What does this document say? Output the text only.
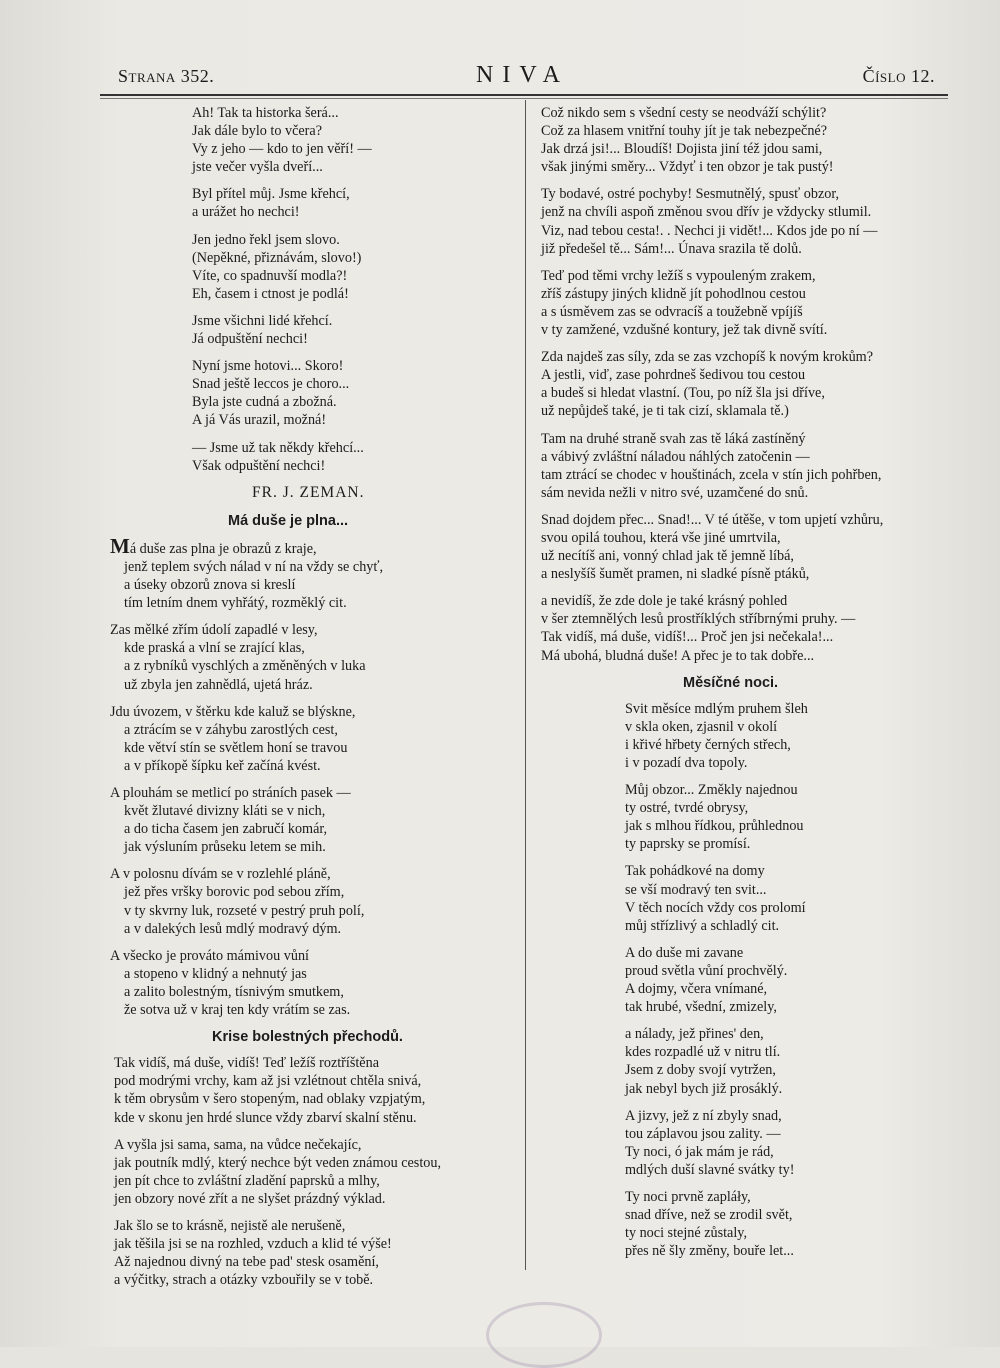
Strana 352.	NIVA	Číslo 12.
Ah! Tak ta historka šerá...
Jak dále bylo to včera?
Vy z jeho — kdo to jen věří! —
jste večer vyšla dveří...
Byl přítel můj. Jsme křehcí,
a urážet ho nechci!
Jen jedno řekl jsem slovo.
(Nepěkné, přiznávám, slovo!)
Víte, co spadnuvší modla?!
Eh, časem i ctnost je podlá!
Jsme všichni lidé křehcí.
Já odpuštění nechci!
Nyní jsme hotovi... Skoro!
Snad ještě leccos je choro...
Byla jste cudná a zbožná.
A já Vás urazil, možná!
— Jsme už tak někdy křehcí...
Však odpuštění nechci!
FR. J. ZEMAN.
Má duše je plna...
Má duše zas plna je obrazů z kraje,
jenž teplem svých nálad v ní na vždy se chyť,
a úseky obzorů znova si kreslí
tím letním dnem vyhřátý, rozměklý cit.
Zas mělké zřím údolí zapadlé v lesy,
kde praská a vlní se zrající klas,
a z rybníků vyschlých a změněných v luka
už zbyla jen zahnědlá, ujetá hráz.
Jdu úvozem, v štěrku kde kaluž se blýskne,
a ztrácím se v záhybu zarostlých cest,
kde větví stín se světlem honí se travou
a v příkopě šípku keř začíná kvést.
A plouhám se metlicí po stráních pasek —
květ žlutavé divizny kláti se v nich,
a do ticha časem jen zabručí komár,
jak výsluním průseku letem se mih.
A v polosnu dívám se v rozlehlé pláně,
jež přes vršky borovic pod sebou zřím,
v ty skvrny luk, rozseté v pestrý pruh polí,
a v dalekých lesů mdlý modravý dým.
A všecko je prováto mámivou vůní
a stopeno v klidný a nehnutý jas
a zalito bolestným, tísnivým smutkem,
že sotva už v kraj ten kdy vrátím se zas.
Krise bolestných přechodů.
Tak vidíš, má duše, vidíš! Teď ležíš roztříštěna
pod modrými vrchy, kam až jsi vzlétnout chtěla snivá,
k těm obrysům v šero stopeným, nad oblaky vzpjatým,
kde v skonu jen hrdé slunce vždy zbarví skalní stěnu.
A vyšla jsi sama, sama, na vůdce nečekajíc,
jak poutník mdlý, který nechce být veden známou cestou,
jen pít chce to zvláštní zladění paprsků a mlhy,
jen obzory nové zřít a ne slyšet prázdný výklad.
Jak šlo se to krásně, nejistě ale nerušeně,
jak těšila jsi se na rozhled, vzduch a klid té výše!
Až najednou divný na tebe pad' stesk osamění,
a výčitky, strach a otázky vzbouřily se v tobě.
Což nikdo sem s všední cesty se neodváží schýlit?
Což za hlasem vnitřní touhy jít je tak nebezpečné?
Jak drzá jsi!... Bloudíš! Dojista jiní též jdou sami,
však jinými směry... Vždyť i ten obzor je tak pustý!
Ty bodavé, ostré pochyby! Sesmutnělý, spusť obzor,
jenž na chvíli aspoň změnou svou dřív je vždycky stlumil.
Viz, nad tebou cesta!. . Nechci ji vidět!... Kdos jde po ní —
již předešel tě... Sám!... Únava srazila tě dolů.
Teď pod těmi vrchy ležíš s vypouleným zrakem,
zříš zástupy jiných klidně jít pohodlnou cestou
a s úsměvem zas se odvracíš a toužebně vpíjíš
v ty zamžené, vzdušné kontury, jež tak divně svítí.
Zda najdeš zas síly, zda se zas vzchopíš k novým krokům?
A jestli, viď, zase pohrdneš šedivou tou cestou
a budeš si hledat vlastní. (Tou, po níž šla jsi dříve,
už nepůjdeš také, je ti tak cizí, sklamala tě.)
Tam na druhé straně svah zas tě láká zastíněný
a vábivý zvláštní náladou náhlých zatočenin —
tam ztrácí se chodec v houštinách, zcela v stín jich pohřben,
sám nevida nežli v nitro své, uzamčené do snů.
Snad dojdem přec... Snad!... V té útěše, v tom upjetí vzhůru,
svou opilá touhou, která vše jiné umrtvila,
už necítíš ani, vonný chlad jak tě jemně líbá,
a neslyšíš šumět pramen, ni sladké písně ptáků,
a nevidíš, že zde dole je také krásný pohled
v šer ztemnělých lesů prostříklých stříbrnými pruhy. —
Tak vidíš, má duše, vidíš!... Proč jen jsi nečekala!...
Má ubohá, bludná duše! A přec je to tak dobře...
Měsíčné noci.
Svit měsíce mdlým pruhem šleh
v skla oken, zjasnil v okolí
i křivé hřbety černých střech,
i v pozadí dva topoly.
Můj obzor... Změkly najednou
ty ostré, tvrdé obrysy,
jak s mlhou řídkou, průhlednou
ty paprsky se promísí.
Tak pohádkové na domy
se vší modravý ten svit...
V těch nocích vždy cos prolomí
můj střízlivý a schladlý cit.
A do duše mi zavane
proud světla vůní prochvělý.
A dojmy, včera vnímané,
tak hrubé, všední, zmizely,
a nálady, jež přines' den,
kdes rozpadlé už v nitru tlí.
Jsem z doby svojí vytržen,
jak nebyl bych již prosáklý.
A jizvy, jež z ní zbyly snad,
tou záplavou jsou zality. —
Ty noci, ó jak mám je rád,
mdlých duší slavné svátky ty!
Ty noci prvně zapláły,
snad dříve, než se zrodil svět,
ty noci stejné zůstaly,
přes ně šly změny, bouře let...
